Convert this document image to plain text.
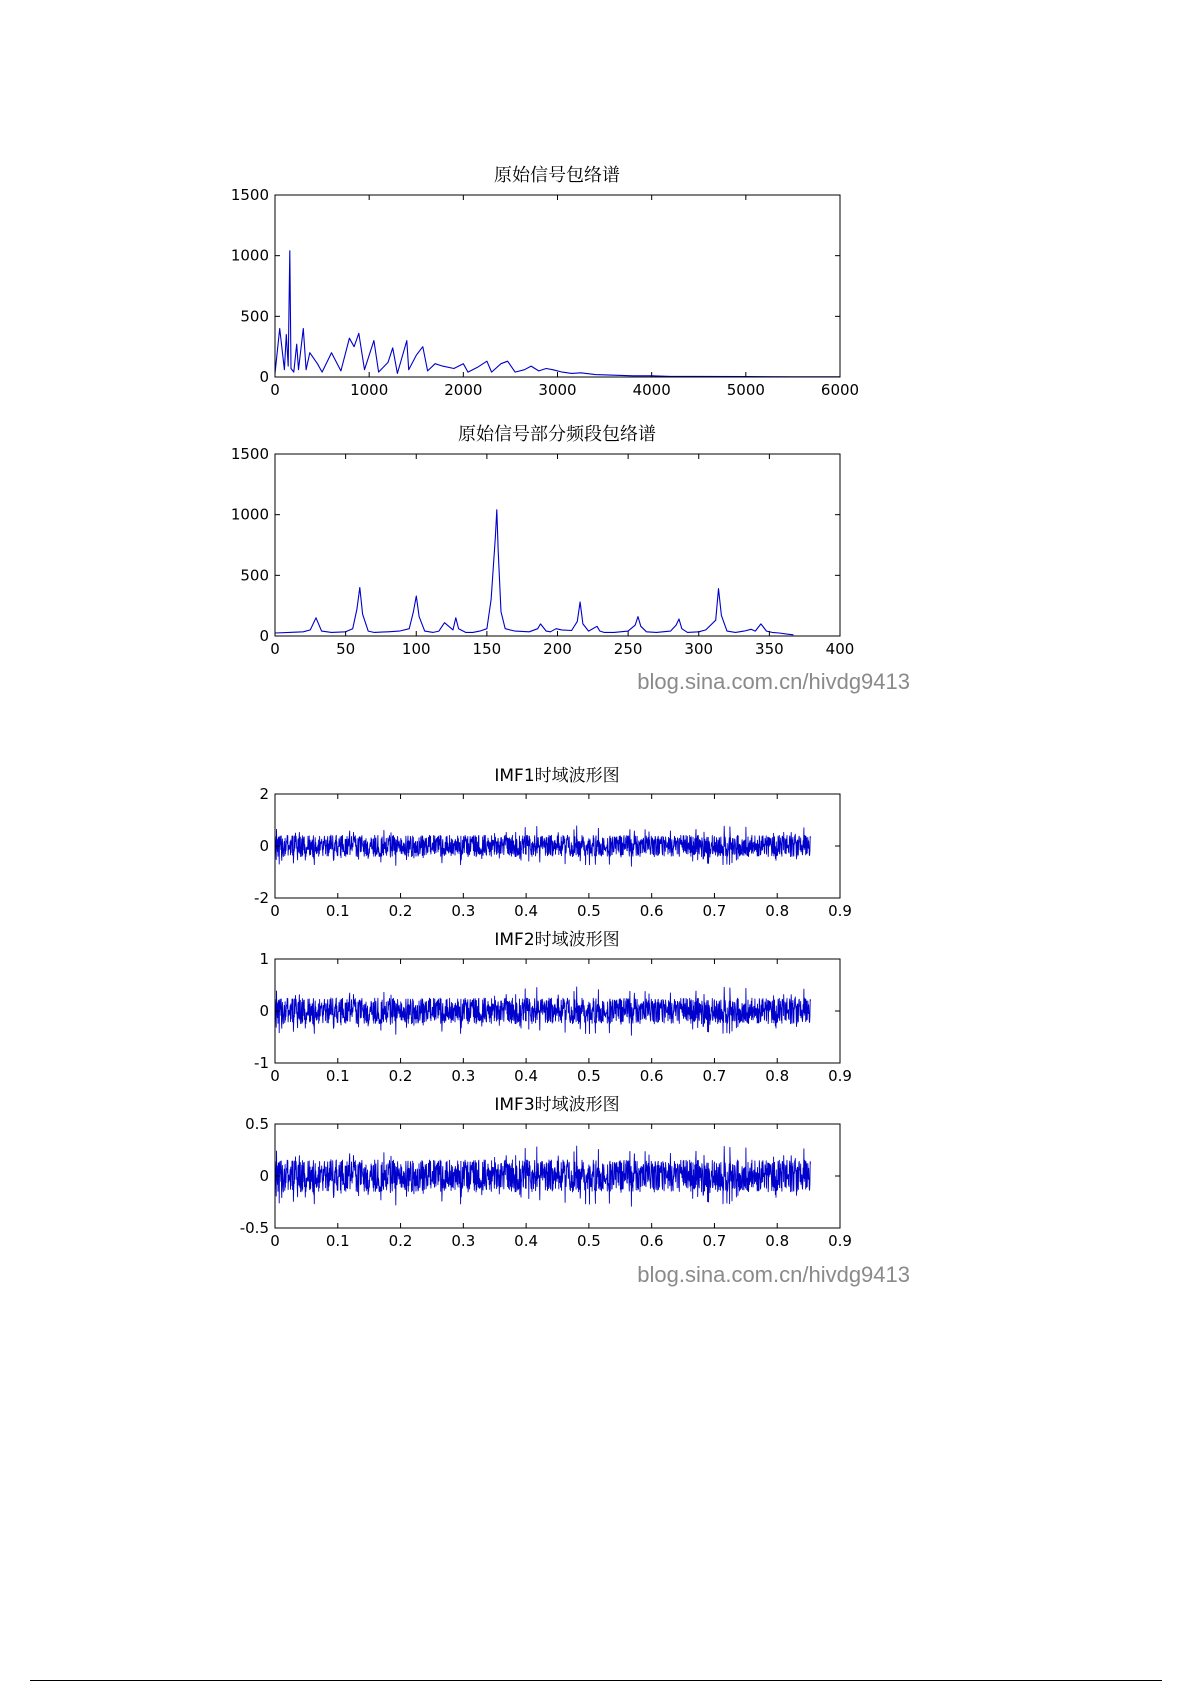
原始信号包络谱
0	1000	2000	3000	4000	5000	6000
0
500
1000
1500
原始信号部分频段包络谱
0	50	100	150	200	250	300	350	400
0
500
1000
1500
blog.sina.com.cn/hivdg9413
IMF1时域波形图
0	0.1	0.2	0.3	0.4	0.5	0.6	0.7	0.8	0.9
-2
0
2
IMF2时域波形图
0	0.1	0.2	0.3	0.4	0.5	0.6	0.7	0.8	0.9
-1
0
1
IMF3时域波形图
0	0.1	0.2	0.3	0.4	0.5	0.6	0.7	0.8	0.9
-0.5
0
0.5
blog.sina.com.cn/hivdg9413
